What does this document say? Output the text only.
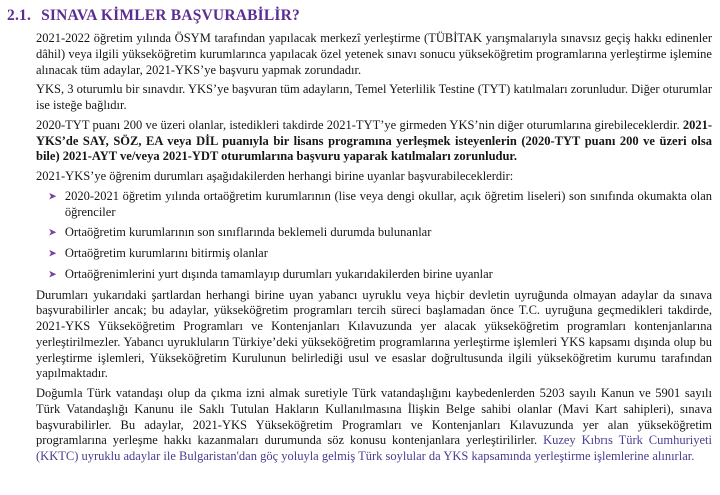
2.1. SINAVA KİMLER BAŞVURABİLİR?

2021-2022 öğretim yılında ÖSYM tarafından yapılacak merkezî yerleştirme (TÜBİTAK yarışmalarıyla sınavsız geçiş hakkı edinenler dâhil) veya ilgili yükseköğretim kurumlarınca yapılacak özel yetenek sınavı sonucu yükseköğretim programlarına yerleştirme işlemine alınacak tüm adaylar, 2021-YKS’ye başvuru yapmak zorundadır.

YKS, 3 oturumlu bir sınavdır. YKS’ye başvuran tüm adayların, Temel Yeterlilik Testine (TYT) katılmaları zorunludur. Diğer oturumlar ise isteğe bağlıdır.

2020-TYT puanı 200 ve üzeri olanlar, istedikleri takdirde 2021-TYT’ye girmeden YKS’nin diğer oturumlarına girebileceklerdir. 2021-YKS’de SAY, SÖZ, EA veya DİL puanıyla bir lisans programına yerleşmek isteyenlerin (2020-TYT puanı 200 ve üzeri olsa bile) 2021-AYT ve/veya 2021-YDT oturumlarına başvuru yaparak katılmaları zorunludur.

2021-YKS’ye öğrenim durumları aşağıdakilerden herhangi birine uyanlar başvurabileceklerdir:

➤ 2020-2021 öğretim yılında ortaöğretim kurumlarının (lise veya dengi okullar, açık öğretim liseleri) son sınıfında okumakta olan öğrenciler
➤ Ortaöğretim kurumlarının son sınıflarında beklemeli durumda bulunanlar
➤ Ortaöğretim kurumlarını bitirmiş olanlar
➤ Ortaöğrenimlerini yurt dışında tamamlayıp durumları yukarıdakilerden birine uyanlar

Durumları yukarıdaki şartlardan herhangi birine uyan yabancı uyruklu veya hiçbir devletin uyruğunda olmayan adaylar da sınava başvurabilirler ancak; bu adaylar, yükseköğretim programları tercih süreci başlamadan önce T.C. uyruğuna geçmedikleri takdirde, 2021-YKS Yükseköğretim Programları ve Kontenjanları Kılavuzunda yer alacak yükseköğretim programları kontenjanlarına yerleştirilmezler. Yabancı uyrukluların Türkiye’deki yükseköğretim programlarına yerleştirme işlemleri YKS kapsamı dışında olup bu yerleştirme işlemleri, Yükseköğretim Kurulunun belirlediği usul ve esaslar doğrultusunda ilgili yükseköğretim kurumu tarafından yapılmaktadır.

Doğumla Türk vatandaşı olup da çıkma izni almak suretiyle Türk vatandaşlığını kaybedenlerden 5203 sayılı Kanun ve 5901 sayılı Türk Vatandaşlığı Kanunu ile Saklı Tutulan Hakların Kullanılmasına İlişkin Belge sahibi olanlar (Mavi Kart sahipleri), sınava başvurabilirler. Bu adaylar, 2021-YKS Yükseköğretim Programları ve Kontenjanları Kılavuzunda yer alan yükseköğretim programlarına yerleşme hakkı kazanmaları durumunda söz konusu kontenjanlara yerleştirilirler. Kuzey Kıbrıs Türk Cumhuriyeti (KKTC) uyruklu adaylar ile Bulgaristan'dan göç yoluyla gelmiş Türk soylular da YKS kapsamında yerleştirme işlemlerine alınırlar.
